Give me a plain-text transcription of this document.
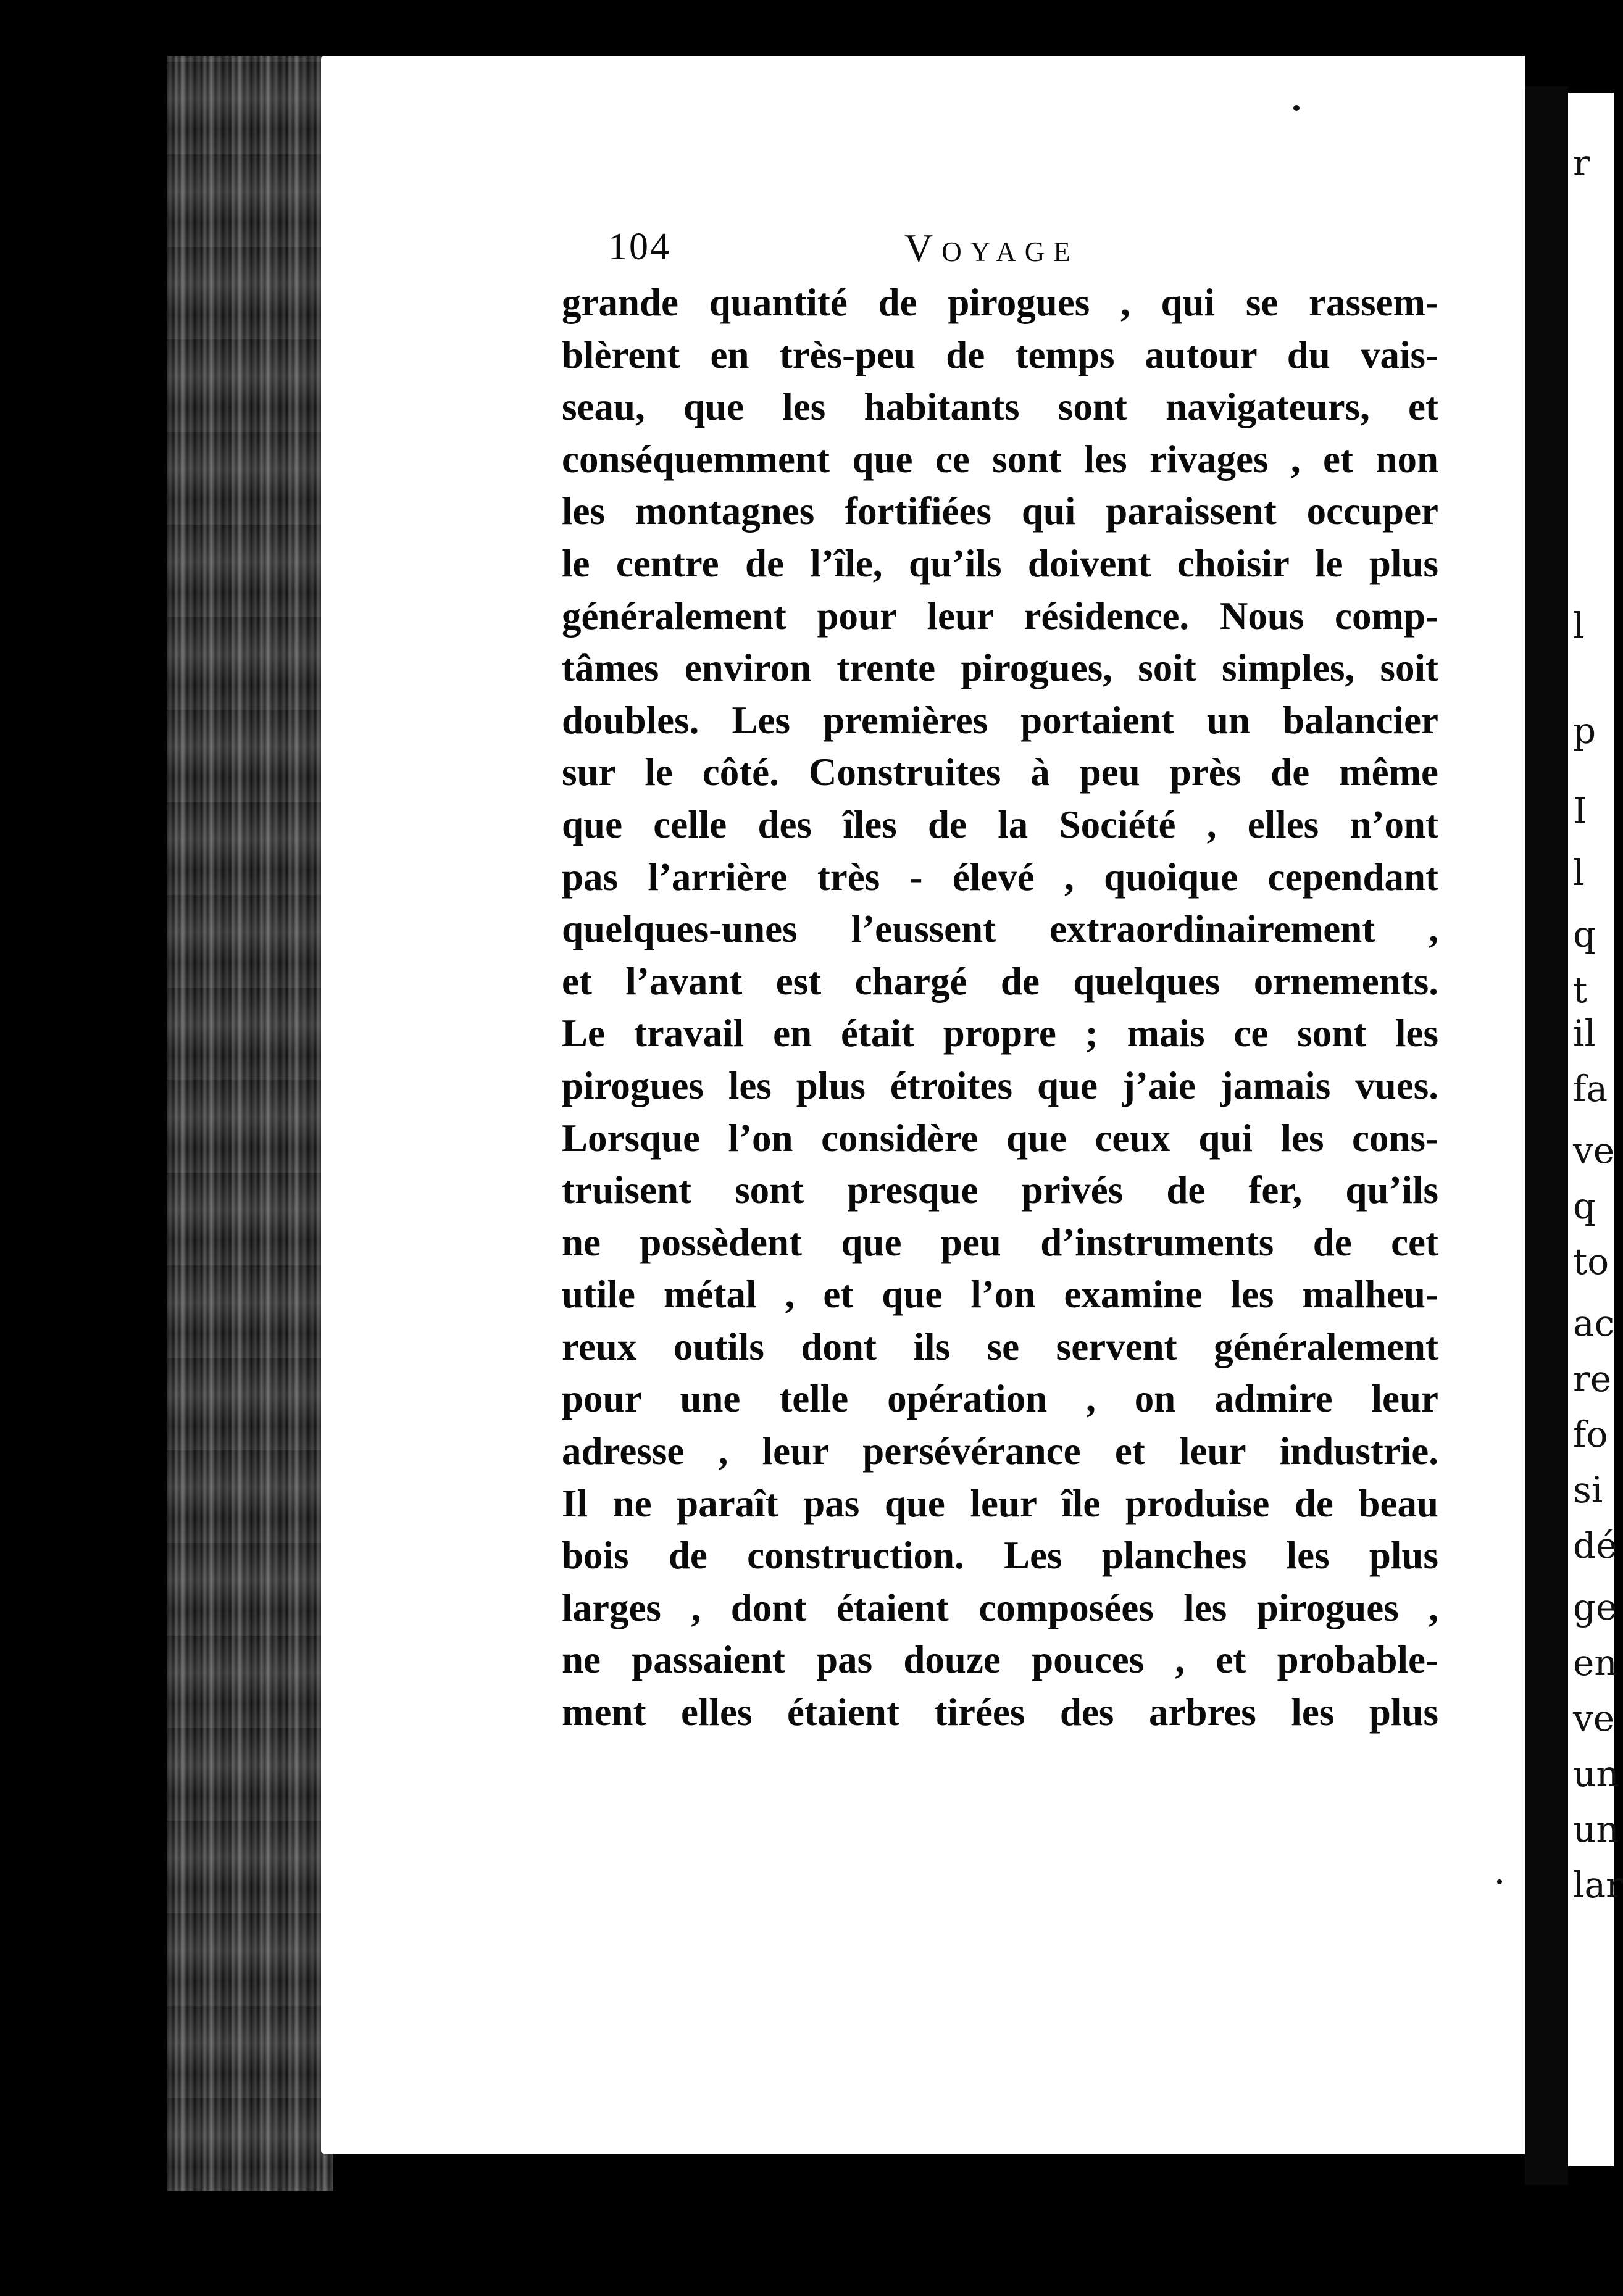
r
l
p
I
l
q
t
il
fa
ve
q
to
ac
re
fo
si
dé
ge
en
ve
un
un
lar
104	Voyage
grande quantité de pirogues , qui se rassem-
blèrent en très-peu de temps autour du vais-
seau, que les habitants sont navigateurs, et
conséquemment que ce sont les rivages , et non
les montagnes fortifiées qui paraissent occuper
le centre de l’île, qu’ils doivent choisir le plus
généralement pour leur résidence. Nous comp-
tâmes environ trente pirogues, soit simples, soit
doubles. Les premières portaient un balancier
sur le côté. Construites à peu près de même
que celle des îles de la Société , elles n’ont
pas l’arrière très - élevé , quoique cependant
quelques-unes l’eussent extraordinairement ,
et l’avant est chargé de quelques ornements.
Le travail en était propre ; mais ce sont les
pirogues les plus étroites que j’aie jamais vues.
Lorsque l’on considère que ceux qui les cons-
truisent sont presque privés de fer, qu’ils
ne possèdent que peu d’instruments de cet
utile métal , et que l’on examine les malheu-
reux outils dont ils se servent généralement
pour une telle opération , on admire leur
adresse , leur persévérance et leur industrie.
Il ne paraît pas que leur île produise de beau
bois de construction. Les planches les plus
larges , dont étaient composées les pirogues ,
ne passaient pas douze pouces , et probable-
ment elles étaient tirées des arbres les plus
